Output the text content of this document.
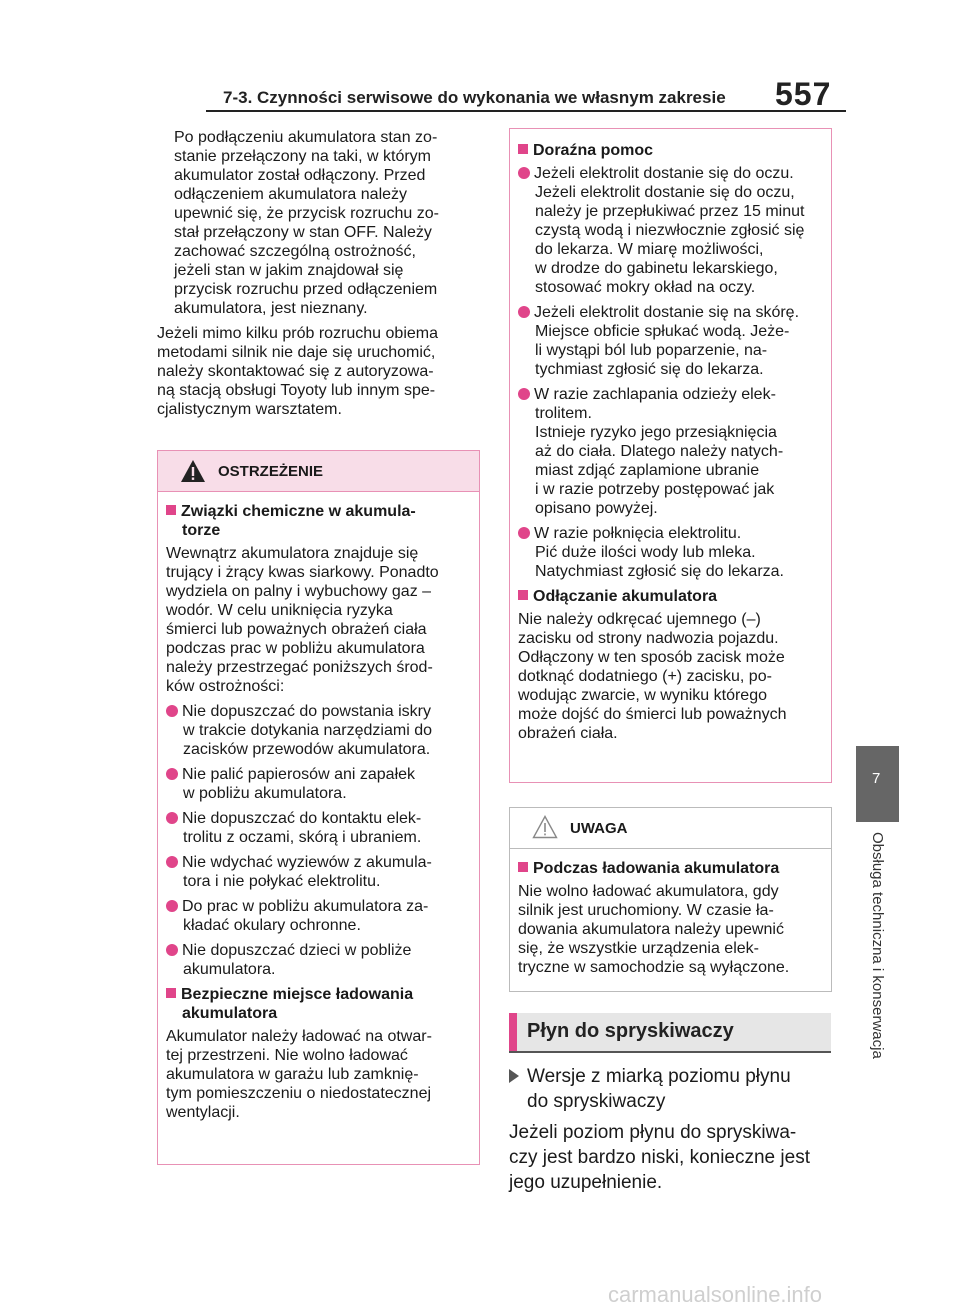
7-3. Czynności serwisowe do wykonania we własnym zakresie 557
Po podłączeniu akumulatora stan zo-
stanie przełączony na taki, w którym
akumulator został odłączony. Przed
odłączeniem akumulatora należy
upewnić się, że przycisk rozruchu zo-
stał przełączony w stan OFF. Należy
zachować szczególną ostrożność,
jeżeli stan w jakim znajdował się
przycisk rozruchu przed odłączeniem
akumulatora, jest nieznany.
Jeżeli mimo kilku prób rozruchu obiema
metodami silnik nie daje się uruchomić,
należy skontaktować się z autoryzowa-
ną stacją obsługi Toyoty lub innym spe-
cjalistycznym warsztatem.
OSTRZEŻENIE
Związki chemiczne w akumula-
torze
Wewnątrz akumulatora znajduje się
trujący i żrący kwas siarkowy. Ponadto
wydziela on palny i wybuchowy gaz –
wodór. W celu uniknięcia ryzyka
śmierci lub poważnych obrażeń ciała
podczas prac w pobliżu akumulatora
należy przestrzegać poniższych środ-
ków ostrożności:
Nie dopuszczać do powstania iskry
w trakcie dotykania narzędziami do
zacisków przewodów akumulatora.
Nie palić papierosów ani zapałek
w pobliżu akumulatora.
Nie dopuszczać do kontaktu elek-
trolitu z oczami, skórą i ubraniem.
Nie wdychać wyziewów z akumula-
tora i nie połykać elektrolitu.
Do prac w pobliżu akumulatora za-
kładać okulary ochronne.
Nie dopuszczać dzieci w pobliże
akumulatora.
Bezpieczne miejsce ładowania
akumulatora
Akumulator należy ładować na otwar-
tej przestrzeni. Nie wolno ładować
akumulatora w garażu lub zamknię-
tym pomieszczeniu o niedostatecznej
wentylacji.
Doraźna pomoc
Jeżeli elektrolit dostanie się do oczu.
Jeżeli elektrolit dostanie się do oczu,
należy je przepłukiwać przez 15 minut
czystą wodą i niezwłocznie zgłosić się
do lekarza. W miarę możliwości,
w drodze do gabinetu lekarskiego,
stosować mokry okład na oczy.
Jeżeli elektrolit dostanie się na skórę.
Miejsce obficie spłukać wodą. Jeże-
li wystąpi ból lub poparzenie, na-
tychmiast zgłosić się do lekarza.
W razie zachlapania odzieży elek-
trolitem.
Istnieje ryzyko jego przesiąknięcia
aż do ciała. Dlatego należy natych-
miast zdjąć zaplamione ubranie
i w razie potrzeby postępować jak
opisano powyżej.
W razie połknięcia elektrolitu.
Pić duże ilości wody lub mleka.
Natychmiast zgłosić się do lekarza.
Odłączanie akumulatora
Nie należy odkręcać ujemnego (–)
zacisku od strony nadwozia pojazdu.
Odłączony w ten sposób zacisk może
dotknąć dodatniego (+) zacisku, po-
wodując zwarcie, w wyniku którego
może dojść do śmierci lub poważnych
obrażeń ciała.
UWAGA
Podczas ładowania akumulatora
Nie wolno ładować akumulatora, gdy
silnik jest uruchomiony. W czasie ła-
dowania akumulatora należy upewnić
się, że wszystkie urządzenia elek-
tryczne w samochodzie są wyłączone.
Płyn do spryskiwaczy
Wersje z miarką poziomu płynu
do spryskiwaczy
Jeżeli poziom płynu do spryskiwa-
czy jest bardzo niski, konieczne jest
jego uzupełnienie.
7
Obsługa techniczna i konserwacja
carmanualsonline.info
